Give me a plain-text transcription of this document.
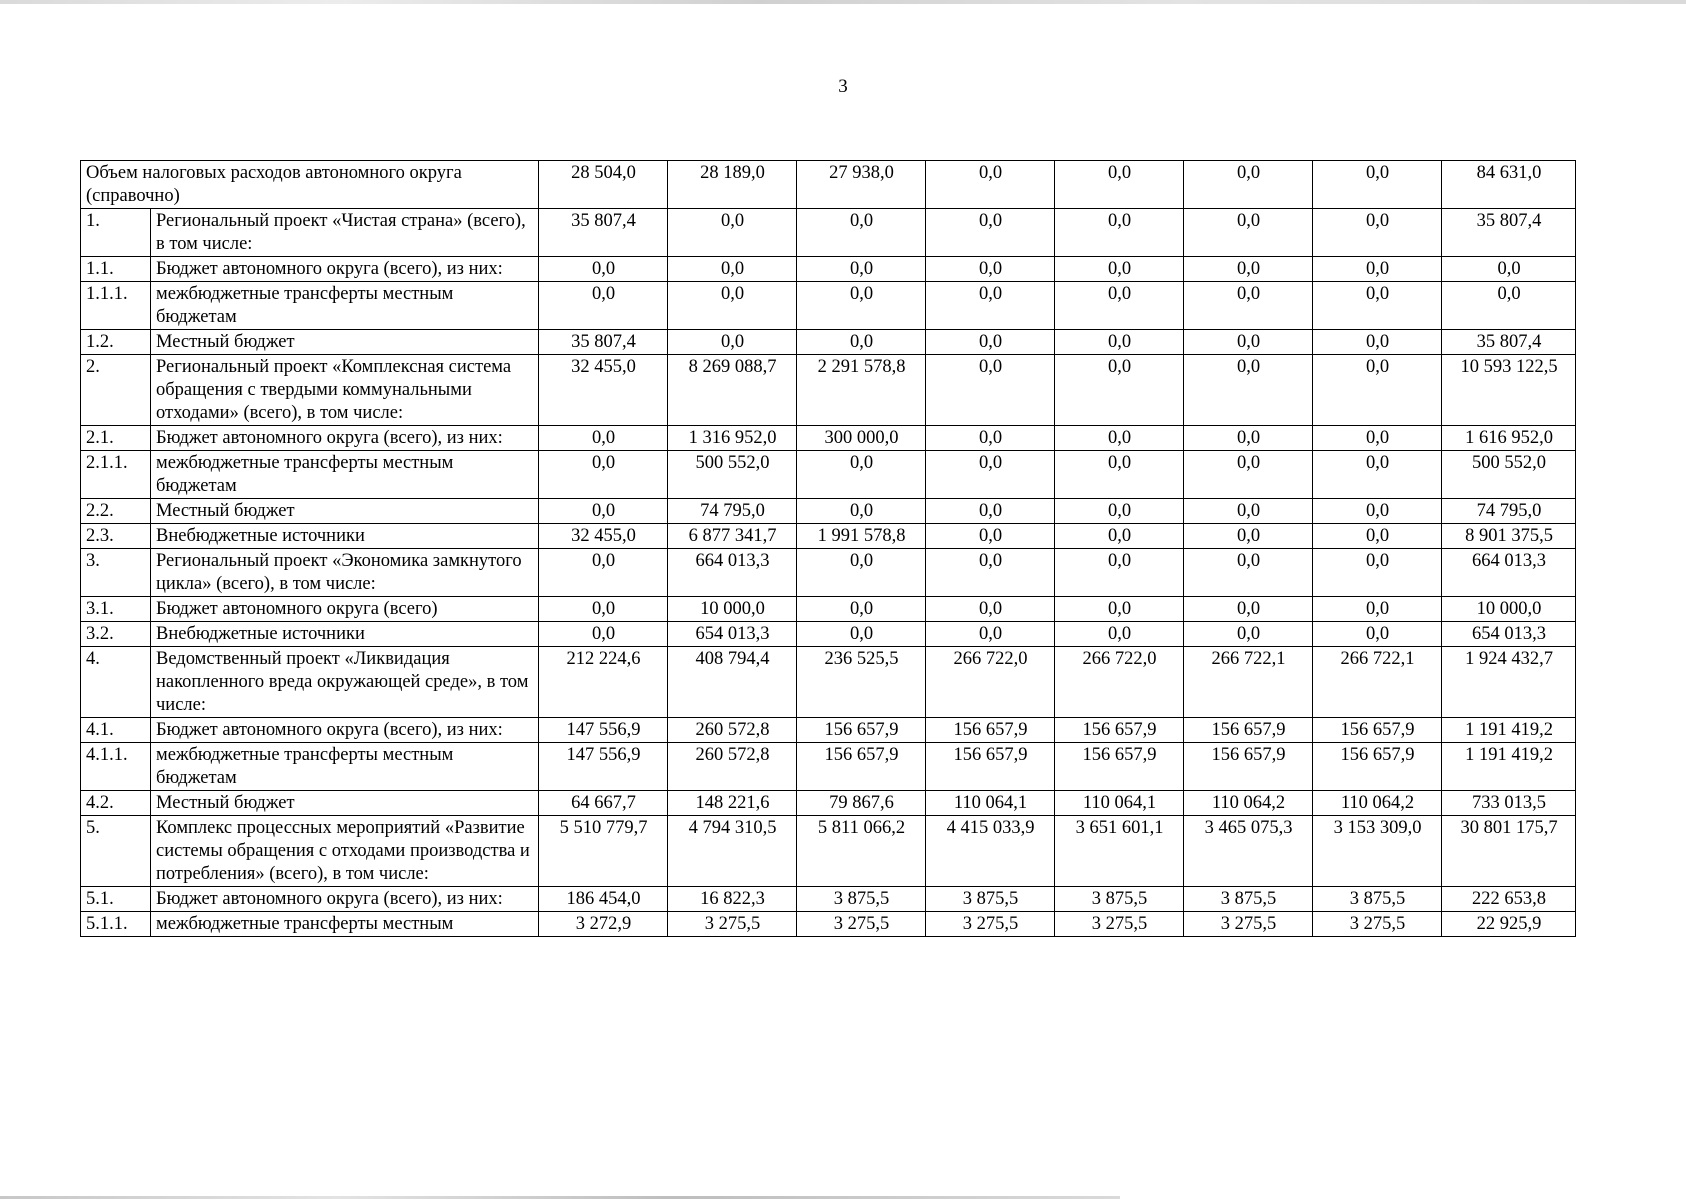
3
Объем налоговых расходов автономного округа (справочно)		28 504,0	28 189,0	27 938,0	0,0	0,0	0,0	0,0	84 631,0
1.	Региональный проект «Чистая страна» (всего), в том числе:	35 807,4	0,0	0,0	0,0	0,0	0,0	0,0	35 807,4
1.1.	Бюджет автономного округа (всего), из них:	0,0	0,0	0,0	0,0	0,0	0,0	0,0	0,0
1.1.1.	межбюджетные трансферты местным бюджетам	0,0	0,0	0,0	0,0	0,0	0,0	0,0	0,0
1.2.	Местный бюджет	35 807,4	0,0	0,0	0,0	0,0	0,0	0,0	35 807,4
2.	Региональный проект «Комплексная система обращения с твердыми коммунальными отходами» (всего), в том числе:	32 455,0	8 269 088,7	2 291 578,8	0,0	0,0	0,0	0,0	10 593 122,5
2.1.	Бюджет автономного округа (всего), из них:	0,0	1 316 952,0	300 000,0	0,0	0,0	0,0	0,0	1 616 952,0
2.1.1.	межбюджетные трансферты местным бюджетам	0,0	500 552,0	0,0	0,0	0,0	0,0	0,0	500 552,0
2.2.	Местный бюджет	0,0	74 795,0	0,0	0,0	0,0	0,0	0,0	74 795,0
2.3.	Внебюджетные источники	32 455,0	6 877 341,7	1 991 578,8	0,0	0,0	0,0	0,0	8 901 375,5
3.	Региональный проект «Экономика замкнутого цикла» (всего), в том числе:	0,0	664 013,3	0,0	0,0	0,0	0,0	0,0	664 013,3
3.1.	Бюджет автономного округа (всего)	0,0	10 000,0	0,0	0,0	0,0	0,0	0,0	10 000,0
3.2.	Внебюджетные источники	0,0	654 013,3	0,0	0,0	0,0	0,0	0,0	654 013,3
4.	Ведомственный проект «Ликвидация накопленного вреда окружающей среде», в том числе:	212 224,6	408 794,4	236 525,5	266 722,0	266 722,0	266 722,1	266 722,1	1 924 432,7
4.1.	Бюджет автономного округа (всего), из них:	147 556,9	260 572,8	156 657,9	156 657,9	156 657,9	156 657,9	156 657,9	1 191 419,2
4.1.1.	межбюджетные трансферты местным бюджетам	147 556,9	260 572,8	156 657,9	156 657,9	156 657,9	156 657,9	156 657,9	1 191 419,2
4.2.	Местный бюджет	64 667,7	148 221,6	79 867,6	110 064,1	110 064,1	110 064,2	110 064,2	733 013,5
5.	Комплекс процессных мероприятий «Развитие системы обращения с отходами производства и потребления» (всего), в том числе:	5 510 779,7	4 794 310,5	5 811 066,2	4 415 033,9	3 651 601,1	3 465 075,3	3 153 309,0	30 801 175,7
5.1.	Бюджет автономного округа (всего), из них:	186 454,0	16 822,3	3 875,5	3 875,5	3 875,5	3 875,5	3 875,5	222 653,8
5.1.1.	межбюджетные трансферты местным	3 272,9	3 275,5	3 275,5	3 275,5	3 275,5	3 275,5	3 275,5	22 925,9
